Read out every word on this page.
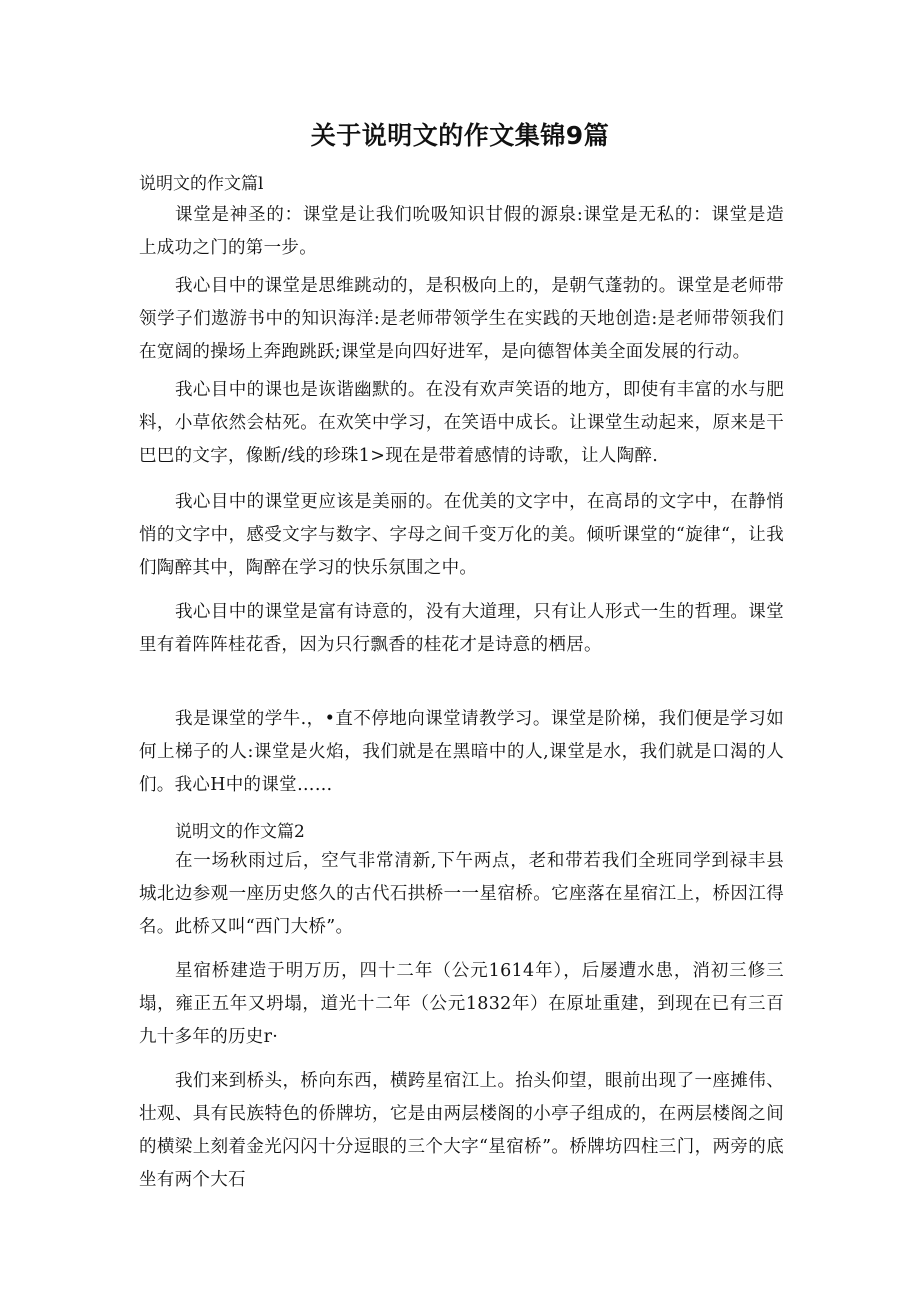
关于说明文的作文集锦9篇

说明文的作文篇l

课堂是神圣的：课堂是让我们吮吸知识甘假的源泉:课堂是无私的：课堂是造上成功之门的第一步。

我心目中的课堂是思维跳动的，是积极向上的，是朝气蓬勃的。课堂是老师带领学子们遨游书中的知识海洋:是老师带领学生在实践的天地创造:是老师带领我们在宽阔的操场上奔跑跳跃;课堂是向四好进军，是向德智体美全面发展的行动。

我心目中的课也是诙谐幽默的。在没有欢声笑语的地方，即使有丰富的水与肥料，小草依然会枯死。在欢笑中学习，在笑语中成长。让课堂生动起来，原来是干巴巴的文字，像断/线的珍珠1>现在是带着感情的诗歌，让人陶醉.

我心目中的课堂更应该是美丽的。在优美的文字中，在高昂的文字中，在静悄悄的文字中，感受文字与数字、字母之间千变万化的美。倾听课堂的“旋律“，让我们陶醉其中，陶醉在学习的快乐氛围之中。

我心目中的课堂是富有诗意的，没有大道理，只有让人形式一生的哲理。课堂里有着阵阵桂花香，因为只行飘香的桂花才是诗意的栖居。

我是课堂的学牛.，•直不停地向课堂请教学习。课堂是阶梯，我们便是学习如何上梯子的人:课堂是火焰，我们就是在黑暗中的人,课堂是水，我们就是口渴的人们。我心H中的课堂……

说明文的作文篇2

在一场秋雨过后，空气非常清新,下午两点，老和带若我们全班同学到禄丰县城北边参观一座历史悠久的古代石拱桥一一星宿桥。它座落在星宿江上，桥因江得名。此桥又叫“西门大桥”。

星宿桥建造于明万历，四十二年（公元1614年），后屡遭水患，消初三修三塌，雍正五年又坍塌，道光十二年（公元1832年）在原址重建，到现在已有三百九十多年的历史r·

我们来到桥头，桥向东西，横跨星宿江上。抬头仰望，眼前出现了一座摊伟、壮观、具有民族特色的侨牌坊，它是由两层楼阁的小亭子组成的，在两层楼阁之间的横梁上刻着金光闪闪十分逗眼的三个大字“星宿桥”。桥牌坊四柱三门，两旁的底坐有两个大石
